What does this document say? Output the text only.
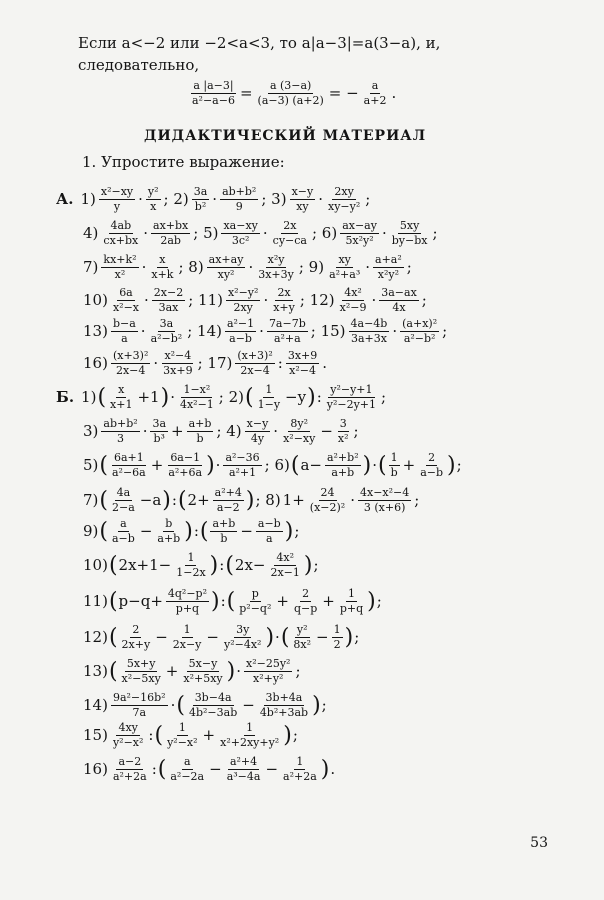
Если a<−2 или −2<a<3, то a|a−3|=a(3−a), и,
следовательно,
$\frac{a |a-3|}{\text{a²−a−6}} = \frac{a (3-a)}{(a-3) (a+2)}$ = − $\frac{a}{a+2}$ .
ДИДАКТИЧЕСКИЙ МАТЕРИАЛ
1. Упростите выражение:
А. $1) \frac{\text{x²−xy}}{y} \cdot \frac{\text{y²}}{x}$ ; $2) \frac{3a}{\text{b²}} \cdot \frac{\text{ab+b²}}{9}$ ; $3) \frac{x-y}{xy} \cdot \frac{2xy}{\text{xy−y²}}$ ;
$4) \frac{4ab}{cx+bx} \cdot \frac{ax+bx}{2ab}$ ; $5) \frac{xa-xy}{\text{3c²}} \cdot \frac{2x}{cy-ca}$ ; $6) \frac{ax-ay}{\text{5x²y²}} \cdot \frac{5xy}{by-bx}$ ;
$7) \frac{\text{kx+k²}}{\text{x²}} \cdot \frac{x}{x+k}$ ; $8) \frac{ax+ay}{\text{xy²}} \cdot \frac{\text{x²y}}{3x+3y}$ ; $9) \frac{xy}{\text{a²+a³}} \cdot \frac{\text{a+a²}}{\text{x²y²}}$ ;
$10) \frac{6a}{\text{x²−x}} \cdot \frac{2x-2}{3ax}$ ; $11) \frac{\text{x²−y²}}{2xy} \cdot \frac{2x}{x+y}$ ; $12) \frac{\text{4x²}}{\text{x²−9}} \cdot \frac{3a-ax}{4x}$ ;
$13) \frac{b-a}{a} \cdot \frac{3a}{\text{a²−b²}}$ ; $14) \frac{\text{a²−1}}{a-b} \cdot \frac{7a-7b}{\text{a²+a}}$ ; $15) \frac{4a-4b}{3a+3x} \cdot \frac{\text{(a+x)²}}{\text{a²−b²}}$ ;
$16) \frac{\text{(x+3)²}}{2x-4} \cdot \frac{\text{x²−4}}{3x+9}$ ; $17) \frac{\text{(x+3)²}}{2x-4}$ : $\frac{3x+9}{\text{x²−4}}$ .
Б. $1)( \frac{x}{x+1} +1)\cdot \frac{\text{1−x²}}{\text{4x²−1}}$ ; $2)( \frac{1}{1-y} -y)$: $\frac{\text{y²−y+1}}{\text{y²−2y+1}}$ ;
$3) \frac{\text{ab+b²}}{3} \cdot \frac{3a}{\text{b³}} + \frac{a+b}{b}$ ; $4) \frac{x-y}{4y} \cdot \frac{\text{8y²}}{\text{x²−xy}} - \frac{3}{\text{x²}}$ ;
$5)( \frac{6a+1}{\text{a²−6a}} + \frac{6a-1}{\text{a²+6a}}$ )· $\frac{\text{a²−36}}{\text{a²+1}}$ ; $6)(a- \frac{\text{a²+b²}}{a+b}$ )·( $\frac{1}{b} + \frac{2}{a-b}$ );
$7)( \frac{4a}{2-a}$ −a):(2+ $\frac{\text{a²+4}}{a-2}$ ); 8) $1+ \frac{24}{\text{(x−2)²}} \cdot \frac{\text{4x−x²−4}}{3 (x+6)}$ ;
$9)( \frac{a}{a-b} - \frac{b}{a+b}$ ):( $\frac{a+b}{b} - \frac{a-b}{a}$ );
$10)(2x+1- \frac{1}{1-2x}$ ):(2x− $\frac{\text{4x²}}{2x-1}$ );
$11)(p-q+ \frac{\text{4q²−p²}}{p+q}$ ):( $\frac{p}{\text{p²−q²}} + \frac{2}{q-p} + \frac{1}{p+q}$ );
$12)( \frac{2}{2x+y} - \frac{1}{2x-y} - \frac{3y}{\text{y²−4x²}}$ )·( $\frac{\text{y²}}{\text{8x²}} - \frac{1}{2}$ );
$13)( \frac{5x+y}{\text{x²−5xy}} + \frac{5x-y}{\text{x²+5xy}}$ )· $\frac{\text{x²−25y²}}{\text{x²+y²}}$ ;
$14) \frac{\text{9a²−16b²}}{7a}$ ·( $\frac{3b-4a}{\text{4b²−3ab}} - \frac{3b+4a}{\text{4b²+3ab}}$ );
$15) \frac{4xy}{\text{y²−x²}}$ :( $\frac{1}{\text{y²−x²}} + \frac{1}{\text{x²+2xy+y²}}$ );
$16) \frac{a-2}{\text{a²+2a}}$ :( $\frac{a}{\text{a²−2a}} - \frac{\text{a²+4}}{\text{a³−4a}} - \frac{1}{\text{a²+2a}}$ ).
53
